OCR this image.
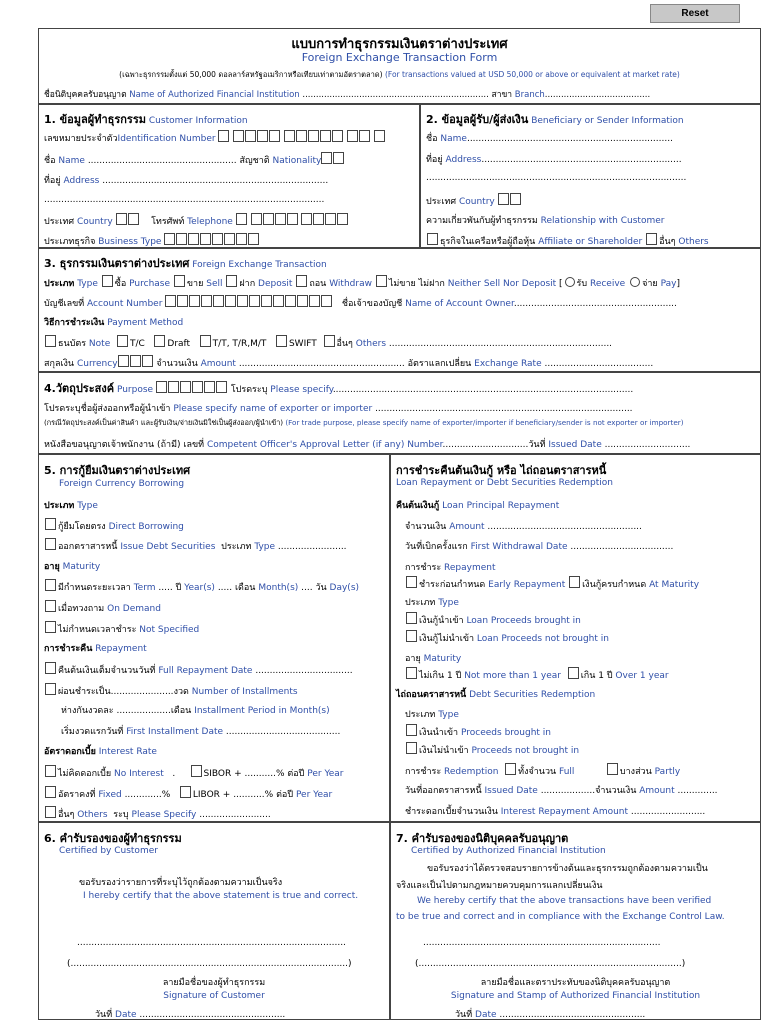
Reset
แบบการทำธุรกรรมเงินตราต่างประเทศ
Foreign Exchange Transaction Form
(เฉพาะธุรกรรมตั้งแต่ 50,000 ดอลลาร์สหรัฐอเมริกาหรือเทียบเท่าตามอัตราตลาด) (For transactions valued at USD 50,000 or above or equivalent at market rate)
ชื่อนิติบุคคลรับอนุญาต Name of Authorized Financial Institution ..................................................................... สาขา Branch.......................................
1. ข้อมูลผู้ทำธุรกรรม Customer Information
เลขหมายประจำตัวIdentification Number
ชื่อ Name .................................................... สัญชาติ Nationality
ที่อยู่ Address ...............................................................................
..................................................................................................
ประเทศ Country	โทรศัพท์ Telephone
ประเภทธุรกิจ Business Type
2. ข้อมูลผู้รับ/ผู้ส่งเงิน Beneficiary or Sender Information
ชื่อ Name........................................................................
ที่อยู่ Address......................................................................
...........................................................................................
ประเทศ Country
ความเกี่ยวพันกับผู้ทำธุรกรรม Relationship with Customer
ธุรกิจในเครือหรือผู้ถือหุ้น Affiliate or Shareholder อื่นๆ Others
3. ธุรกรรมเงินตราต่างประเทศ Foreign Exchange Transaction
ประเภท Type ซื้อ Purchase ขาย Sell ฝาก Deposit ถอน Withdraw ไม่ขาย ไม่ฝาก Neither Sell Nor Deposit [ รับ Receive จ่าย Pay]
บัญชีเลขที่ Account Number	ชื่อเจ้าของบัญชี Name of Account Owner.........................................................
วิธีการชำระเงิน Payment Method
ธนบัตร Note T/C	Draft	T/T, T/R,M/T	SWIFT อื่นๆ Others ..............................................................................
สกุลเงิน Currency	จำนวนเงิน Amount .......................................................... อัตราแลกเปลี่ยน Exchange Rate ......................................
4.วัตถุประสงค์ Purpose	โปรดระบุ Please specify.........................................................................................................
โปรดระบุชื่อผู้ส่งออกหรือผู้นำเข้า Please specify name of exporter or importer ..........................................................................................
(กรณีวัตถุประสงค์เป็นค่าสินค้า และผู้รับเงิน/จ่ายเงินมิใช่เป็นผู้ส่งออก/ผู้นำเข้า) (For trade purpose, please specify name of exporter/importer if beneficiary/sender is not exporter or importer)
หนังสือขอนุญาตเจ้าพนักงาน (ถ้ามี) เลขที่ Competent Officer's Approval Letter (if any) Number..............................วันที่ Issued Date ..............................
5. การกู้ยืมเงินตราต่างประเทศ
Foreign Currency Borrowing
ประเภท Type
กู้ยืมโดยตรง Direct Borrowing
ออกตราสารหนี้ Issue Debt Securities ประเภท Type ........................
อายุ Maturity
มีกำหนดระยะเวลา Term ..... ปี Year(s) ..... เดือน Month(s) .... วัน Day(s)
เมื่อทวงถาม On Demand
ไม่กำหนดเวลาชำระ Not Specified
การชำระคืน Repayment
คืนต้นเงินเต็มจำนวนวันที่ Full Repayment Date ..................................
ผ่อนชำระเป็น......................งวด Number of Installments
ห่างกันงวดละ ...................เดือน Installment Period in Month(s)
เริ่มงวดแรกวันที่ First Installment Date ........................................
อัตราดอกเบี้ย Interest Rate
ไม่คิดดอกเบี้ย No Interest   .     SIBOR + ...........% ต่อปี Per Year
อัตราคงที่ Fixed .............%   LIBOR + ...........% ต่อปี Per Year
อื่นๆ Others ระบุ Please Specify .........................
การชำระคืนต้นเงินกู้ หรือ ไถ่ถอนตราสารหนี้
Loan Repayment or Debt Securities Redemption
คืนต้นเงินกู้ Loan Principal Repayment
จำนวนเงิน Amount ......................................................
วันที่เบิกครั้งแรก First Withdrawal Date ....................................
การชำระ Repayment
ชำระก่อนกำหนด Early Repayment เงินกู้ครบกำหนด At Maturity
ประเภท Type
เงินกู้นำเข้า Loan Proceeds brought in
เงินกู้ไม่นำเข้า Loan Proceeds not brought in
อายุ Maturity
ไม่เกิน 1 ปี Not more than 1 year เกิน 1 ปี Over 1 year
ไถ่ถอนตราสารหนี้ Debt Securities Redemption
ประเภท Type
เงินนำเข้า Proceeds brought in
เงินไม่นำเข้า Proceeds not brought in
การชำระ Redemption ทั้งจำนวน Full	บางส่วน Partly
วันที่ออกตราสารหนี้ Issued Date ...................จำนวนเงิน Amount ..............
ชำระดอกเบี้ยจำนวนเงิน Interest Repayment Amount ..........................
6. คำรับรองของผู้ทำธุรกรรม
Certified by Customer
ขอรับรองว่ารายการที่ระบุไว้ถูกต้องตามความเป็นจริง
I hereby certify that the above statement is true and correct.
..............................................................................................
(.................................................................................................)
ลายมือชื่อของผู้ทำธุรกรรม
Signature of Customer
วันที่ Date ...................................................
7. คำรับรองของนิติบุคคลรับอนุญาต
Certified by Authorized Financial Institution
ขอรับรองว่าได้ตรวจสอบรายการข้างต้นและธุรกรรมถูกต้องตามความเป็น
จริงและเป็นไปตามกฎหมายควบคุมการแลกเปลี่ยนเงิน
We hereby certify that the above transactions have been verified
to be true and correct and in compliance with the Exchange Control Law.
...................................................................................
(............................................................................................)
ลายมือชื่อและตราประทับของนิติบุคคลรับอนุญาต
Signature and Stamp of Authorized Financial Institution
วันที่ Date ...................................................
